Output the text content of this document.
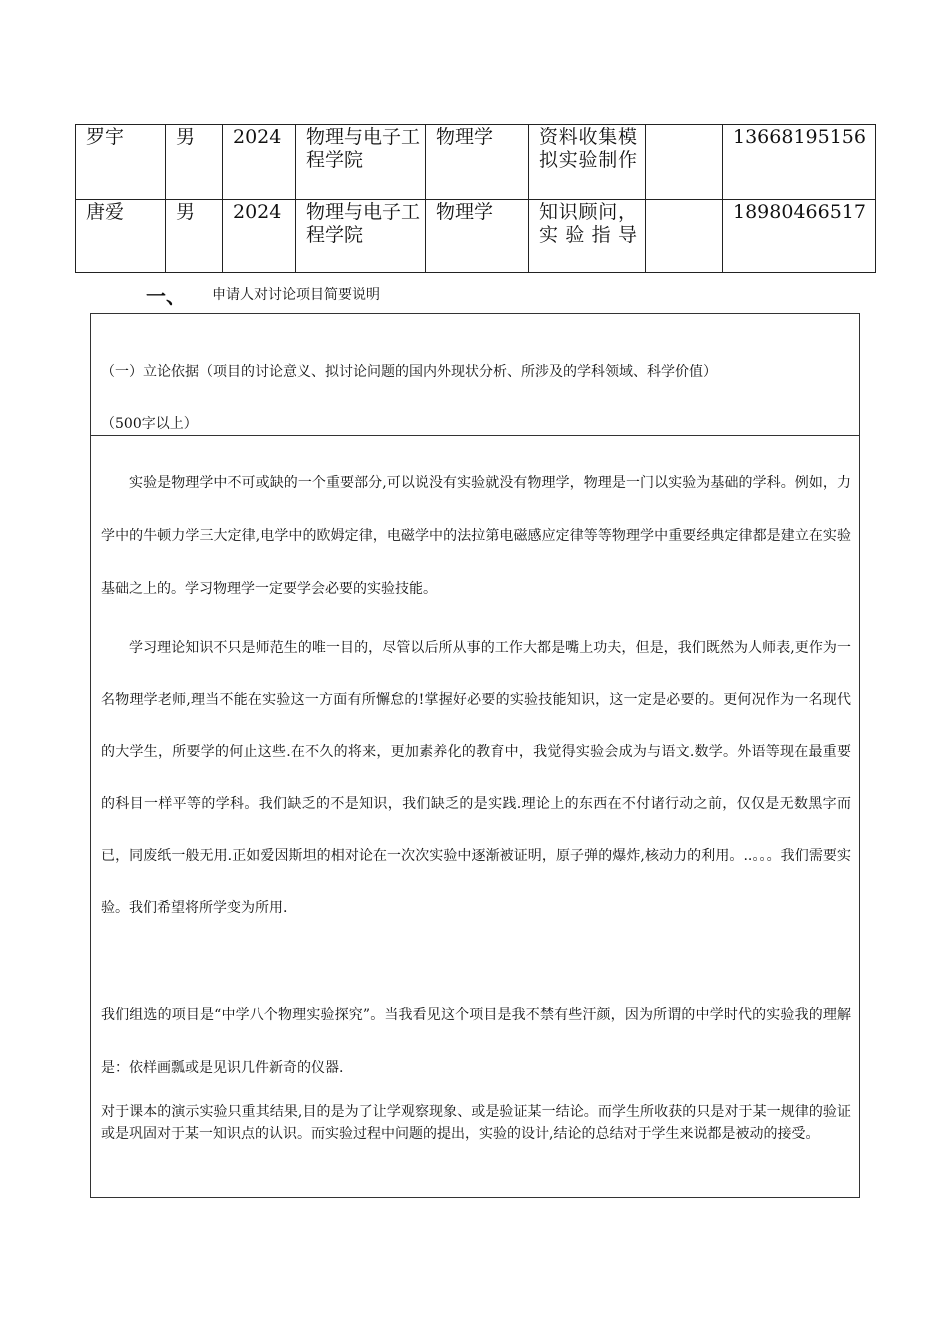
罗宇	男	2024	物理与电子工程学院	物理学	资料收集模拟实验制作		13668195156
唐爱	男	2024	物理与电子工程学院	物理学	知识顾问，实验指导		18980466517
一、 申请人对讨论项目简要说明
（一）立论依据（项目的讨论意义、拟讨论问题的国内外现状分析、所涉及的学科领域、科学价值）
（500字以上）

实验是物理学中不可或缺的一个重要部分,可以说没有实验就没有物理学，物理是一门以实验为基础的学科。例如，力学中的牛顿力学三大定律,电学中的欧姆定律，电磁学中的法拉第电磁感应定律等等物理学中重要经典定律都是建立在实验基础之上的。学习物理学一定要学会必要的实验技能。

学习理论知识不只是师范生的唯一目的，尽管以后所从事的工作大都是嘴上功夫，但是，我们既然为人师表,更作为一名物理学老师,理当不能在实验这一方面有所懈怠的!掌握好必要的实验技能知识，这一定是必要的。更何况作为一名现代的大学生，所要学的何止这些.在不久的将来，更加素养化的教育中，我觉得实验会成为与语文.数学。外语等现在最重要的科目一样平等的学科。我们缺乏的不是知识，我们缺乏的是实践.理论上的东西在不付诸行动之前，仅仅是无数黑字而已，同废纸一般无用.正如爱因斯坦的相对论在一次次实验中逐渐被证明，原子弹的爆炸,核动力的利用。..。。。我们需要实验。我们希望将所学变为所用.

我们组选的项目是“中学八个物理实验探究”。当我看见这个项目是我不禁有些汗颜，因为所谓的中学时代的实验我的理解是：依样画瓢或是见识几件新奇的仪器.

对于课本的演示实验只重其结果,目的是为了让学观察现象、或是验证某一结论。而学生所收获的只是对于某一规律的验证或是巩固对于某一知识点的认识。而实验过程中问题的提出，实验的设计,结论的总结对于学生来说都是被动的接受。
